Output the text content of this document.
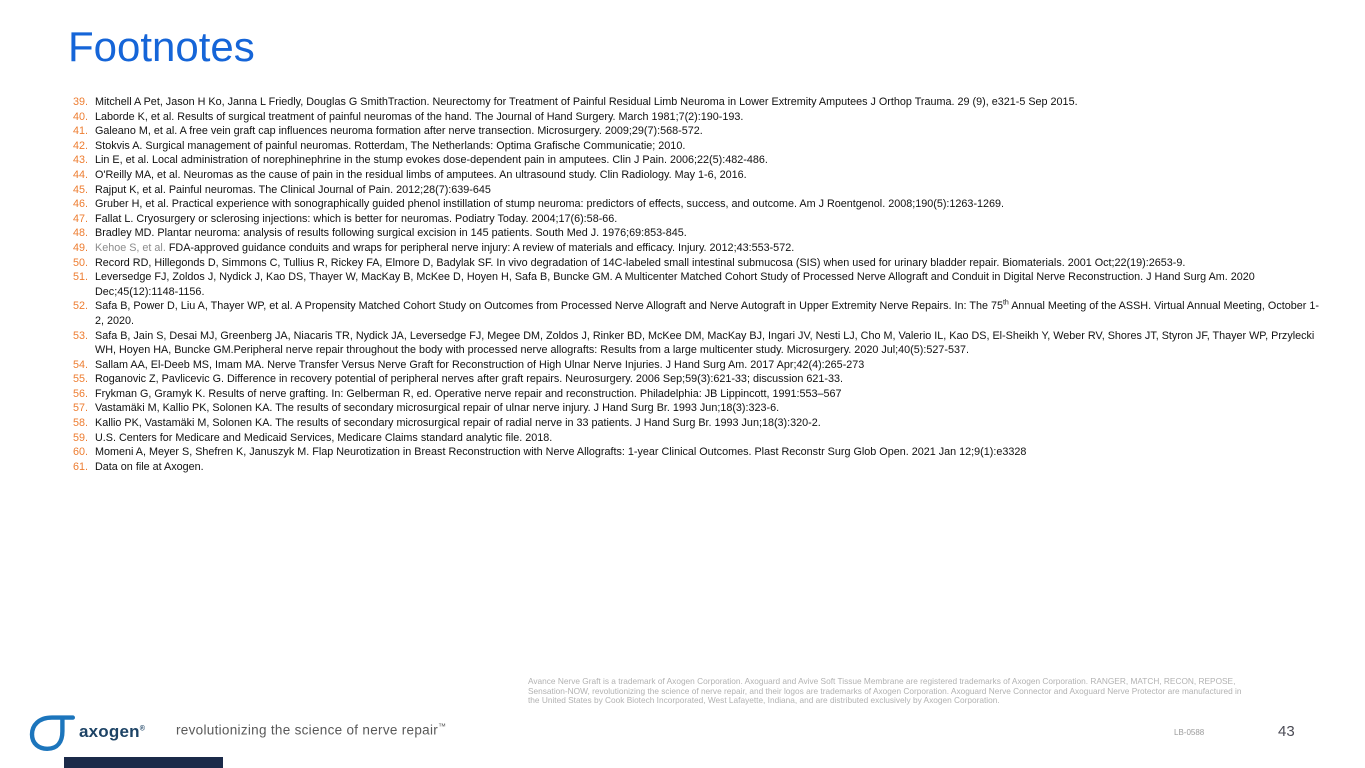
Footnotes
39. Mitchell A Pet, Jason H Ko, Janna L Friedly, Douglas G SmithTraction. Neurectomy for Treatment of Painful Residual Limb Neuroma in Lower Extremity Amputees J Orthop Trauma. 29 (9), e321-5 Sep 2015.
40. Laborde K, et al. Results of surgical treatment of painful neuromas of the hand. The Journal of Hand Surgery. March 1981;7(2):190-193.
41. Galeano M, et al. A free vein graft cap influences neuroma formation after nerve transection. Microsurgery. 2009;29(7):568-572.
42. Stokvis A. Surgical management of painful neuromas. Rotterdam, The Netherlands: Optima Grafische Communicatie; 2010.
43. Lin E, et al. Local administration of norephinephrine in the stump evokes dose-dependent pain in amputees. Clin J Pain. 2006;22(5):482-486.
44. O'Reilly MA, et al. Neuromas as the cause of pain in the residual limbs of amputees. An ultrasound study. Clin Radiology. May 1-6, 2016.
45. Rajput K, et al. Painful neuromas. The Clinical Journal of Pain. 2012;28(7):639-645
46. Gruber H, et al. Practical experience with sonographically guided phenol instillation of stump neuroma: predictors of effects, success, and outcome. Am J Roentgenol. 2008;190(5):1263-1269.
47. Fallat L. Cryosurgery or sclerosing injections: which is better for neuromas. Podiatry Today. 2004;17(6):58-66.
48. Bradley MD. Plantar neuroma: analysis of results following surgical excision in 145 patients. South Med J. 1976;69:853-845.
49. Kehoe S, et al. FDA-approved guidance conduits and wraps for peripheral nerve injury: A review of materials and efficacy. Injury. 2012;43:553-572.
50. Record RD, Hillegonds D, Simmons C, Tullius R, Rickey FA, Elmore D, Badylak SF. In vivo degradation of 14C-labeled small intestinal submucosa (SIS) when used for urinary bladder repair. Biomaterials. 2001 Oct;22(19):2653-9.
51. Leversedge FJ, Zoldos J, Nydick J, Kao DS, Thayer W, MacKay B, McKee D, Hoyen H, Safa B, Buncke GM. A Multicenter Matched Cohort Study of Processed Nerve Allograft and Conduit in Digital Nerve Reconstruction. J Hand Surg Am. 2020 Dec;45(12):1148-1156.
52. Safa B, Power D, Liu A, Thayer WP, et al. A Propensity Matched Cohort Study on Outcomes from Processed Nerve Allograft and Nerve Autograft in Upper Extremity Nerve Repairs. In: The 75th Annual Meeting of the ASSH. Virtual Annual Meeting, October 1-2, 2020.
53. Safa B, Jain S, Desai MJ, Greenberg JA, Niacaris TR, Nydick JA, Leversedge FJ, Megee DM, Zoldos J, Rinker BD, McKee DM, MacKay BJ, Ingari JV, Nesti LJ, Cho M, Valerio IL, Kao DS, El-Sheikh Y, Weber RV, Shores JT, Styron JF, Thayer WP, Przylecki WH, Hoyen HA, Buncke GM.Peripheral nerve repair throughout the body with processed nerve allografts: Results from a large multicenter study. Microsurgery. 2020 Jul;40(5):527-537.
54. Sallam AA, El-Deeb MS, Imam MA. Nerve Transfer Versus Nerve Graft for Reconstruction of High Ulnar Nerve Injuries. J Hand Surg Am. 2017 Apr;42(4):265-273
55. Roganovic Z, Pavlicevic G. Difference in recovery potential of peripheral nerves after graft repairs. Neurosurgery. 2006 Sep;59(3):621-33; discussion 621-33.
56. Frykman G, Gramyk K. Results of nerve grafting. In: Gelberman R, ed. Operative nerve repair and reconstruction. Philadelphia: JB Lippincott, 1991:553–567
57. Vastamäki M, Kallio PK, Solonen KA. The results of secondary microsurgical repair of ulnar nerve injury. J Hand Surg Br. 1993 Jun;18(3):323-6.
58. Kallio PK, Vastamäki M, Solonen KA. The results of secondary microsurgical repair of radial nerve in 33 patients. J Hand Surg Br. 1993 Jun;18(3):320-2.
59. U.S. Centers for Medicare and Medicaid Services, Medicare Claims standard analytic file. 2018.
60. Momeni A, Meyer S, Shefren K, Januszyk M. Flap Neurotization in Breast Reconstruction with Nerve Allografts: 1-year Clinical Outcomes. Plast Reconstr Surg Glob Open. 2021 Jan 12;9(1):e3328
61. Data on file at Axogen.
Avance Nerve Graft is a trademark of Axogen Corporation. Axoguard and Avive Soft Tissue Membrane are registered trademarks of Axogen Corporation. RANGER, MATCH, RECON, REPOSE, Sensation-NOW, revolutionizing the science of nerve repair, and their logos are trademarks of Axogen Corporation. Axoguard Nerve Connector and Axoguard Nerve Protector are manufactured in the United States by Cook Biotech Incorporated, West Lafayette, Indiana, and are distributed exclusively by Axogen Corporation.
axogen® revolutionizing the science of nerve repair™
LB-0588	43
